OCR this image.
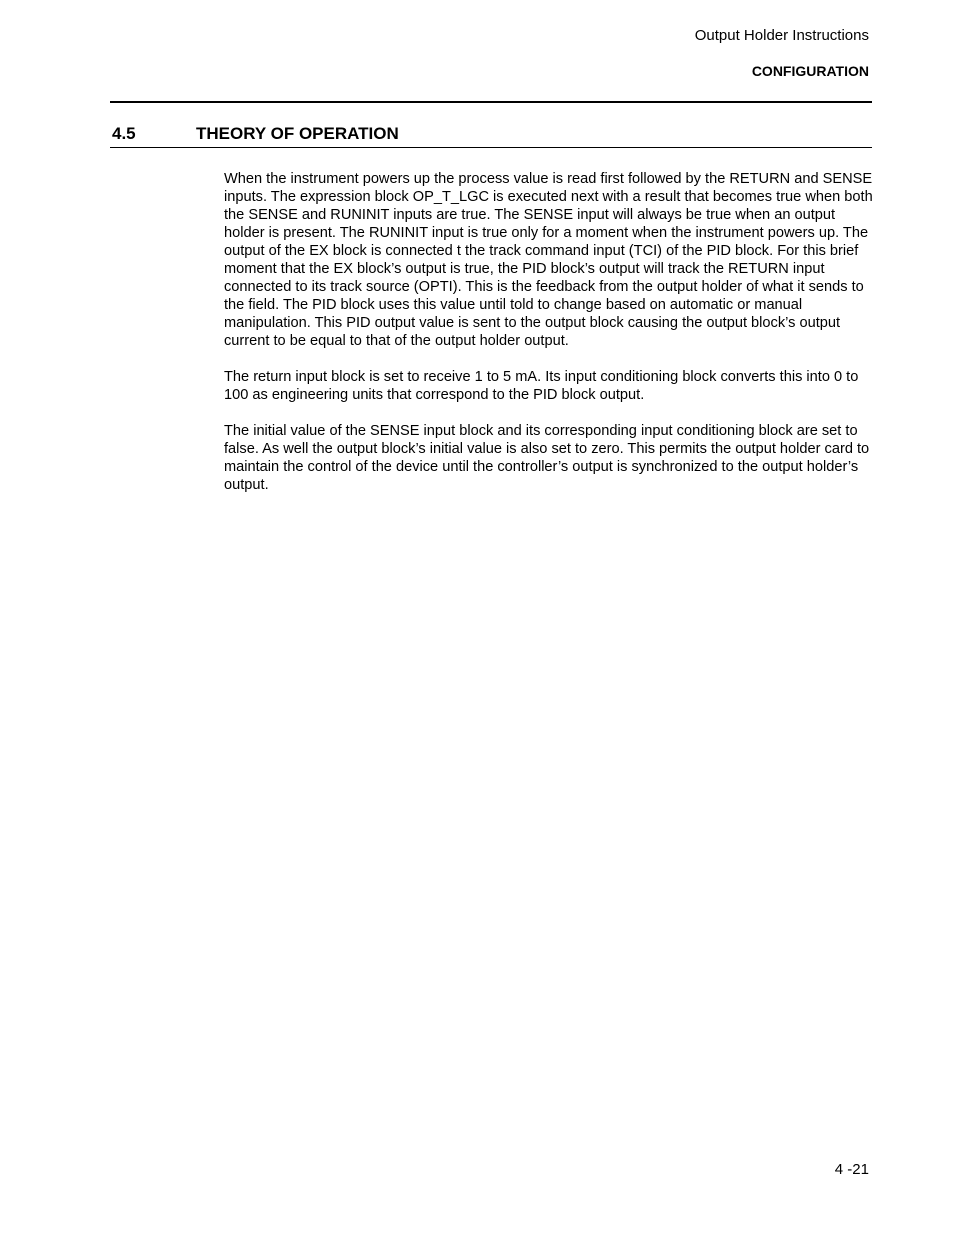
Output Holder Instructions
CONFIGURATION
4.5	THEORY OF OPERATION

When the instrument powers up the process value is read first followed by the RETURN and SENSE inputs. The expression block OP_T_LGC is executed next with a result that becomes true when both the SENSE and RUNINIT inputs are true. The SENSE input will always be true when an output holder is present. The RUNINIT input is true only for a moment when the instrument powers up. The output of the EX block is connected t the track command input (TCI) of the PID block. For this brief moment that the EX block’s output is true, the PID block’s output will track the RETURN input connected to its track source (OPTI). This is the feedback from the output holder of what it sends to the field. The PID block uses this value until told to change based on automatic or manual manipulation. This PID output value is sent to the output block causing the output block’s output current to be equal to that of the output holder output.

The return input block is set to receive 1 to 5 mA. Its input conditioning block converts this into 0 to 100 as engineering units that correspond to the PID block output.

The initial value of the SENSE input block and its corresponding input conditioning block are set to false. As well the output block’s initial value is also set to zero. This permits the output holder card to maintain the control of the device until the controller’s output is synchronized to the output holder’s output.

4 -21
